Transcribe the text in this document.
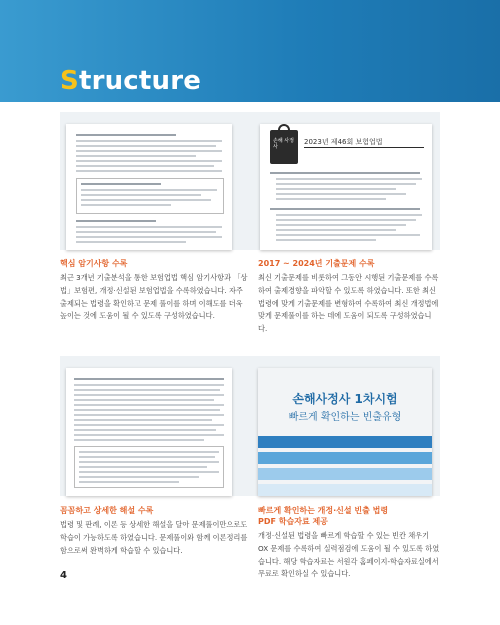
Structure
손해 사정사
2023년 제46회 보험업법
핵심 암기사항 수록
최근 3개년 기출분석을 통한 보험업법 핵심 암기사항과 「상법」보험편, 개정·신설된 보험업법을 수록하였습니다. 자주 출제되는 법령을 확인하고 문제 풀이를 하며 이해도를 더욱 높이는 것에 도움이 될 수 있도록 구성하였습니다.
2017 ~ 2024년 기출문제 수록
최신 기출문제를 비롯하여 그동안 시행된 기출문제를 수록하여 출제경향을 파악할 수 있도록 하였습니다. 또한 최신 법령에 맞게 기출문제를 변형하여 수록하여 최신 개정법에 맞게 문제풀이를 하는 데에 도움이 되도록 구성하였습니다.
손해사정사 1차시험
빠르게 확인하는 빈출유형
꼼꼼하고 상세한 해설 수록
법령 및 판례, 이론 등 상세한 해설을 달아 문제풀이만으로도 학습이 가능하도록 하였습니다. 문제풀이와 함께 이론정리를 함으로써 완벽하게 학습할 수 있습니다.
빠르게 확인하는 개정·신설 빈출 법령
PDF 학습자료 제공
개정·신설된 법령을 빠르게 학습할 수 있는 빈칸 채우기 OX 문제를 수록하여 실력점검에 도움이 될 수 있도록 하였습니다. 해당 학습자료는 서원각 홈페이지-학습자료실에서 무료로 확인하실 수 있습니다.
4
